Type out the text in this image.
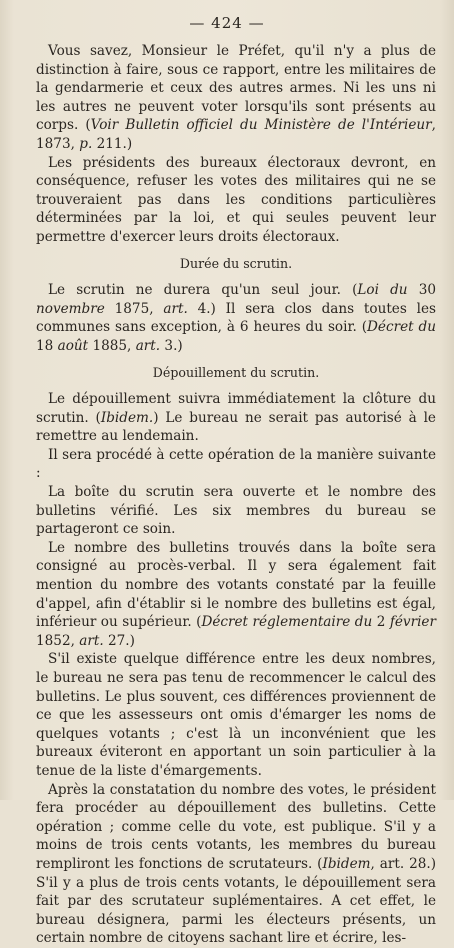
— 424 —

Vous savez, Monsieur le Préfet, qu'il n'y a plus de distinction à faire, sous ce rapport, entre les militaires de la gendarmerie et ceux des autres armes. Ni les uns ni les autres ne peuvent voter lorsqu'ils sont présents au corps. (Voir Bulletin officiel du Ministère de l'Intérieur, 1873, p. 211.)

Les présidents des bureaux électoraux devront, en conséquence, refuser les votes des militaires qui ne se trouveraient pas dans les conditions particulières déterminées par la loi, et qui seules peuvent leur permettre d'exercer leurs droits électoraux.

Durée du scrutin.

Le scrutin ne durera qu'un seul jour. (Loi du 30 novembre 1875, art. 4.) Il sera clos dans toutes les communes sans exception, à 6 heures du soir. (Décret du 18 août 1885, art. 3.)

Dépouillement du scrutin.

Le dépouillement suivra immédiatement la clôture du scrutin. (Ibidem.) Le bureau ne serait pas autorisé à le remettre au lendemain.

Il sera procédé à cette opération de la manière suivante :

La boîte du scrutin sera ouverte et le nombre des bulletins vérifié. Les six membres du bureau se partageront ce soin.

Le nombre des bulletins trouvés dans la boîte sera consigné au procès-verbal. Il y sera également fait mention du nombre des votants constaté par la feuille d'appel, afin d'établir si le nombre des bulletins est égal, inférieur ou supérieur. (Décret réglementaire du 2 février 1852, art. 27.)

S'il existe quelque différence entre les deux nombres, le bureau ne sera pas tenu de recommencer le calcul des bulletins. Le plus souvent, ces différences proviennent de ce que les assesseurs ont omis d'émarger les noms de quelques votants ; c'est là un inconvénient que les bureaux éviteront en apportant un soin particulier à la tenue de la liste d'émargements.

Après la constatation du nombre des votes, le président fera procéder au dépouillement des bulletins. Cette opération ; comme celle du vote, est publique. S'il y a moins de trois cents votants, les membres du bureau rempliront les fonctions de scrutateurs. (Ibidem, art. 28.) S'il y a plus de trois cents votants, le dépouillement sera fait par des scrutateur suplémentaires. A cet effet, le bureau désignera, parmi les électeurs présents, un certain nombre de citoyens sachant lire et écrire, les-
